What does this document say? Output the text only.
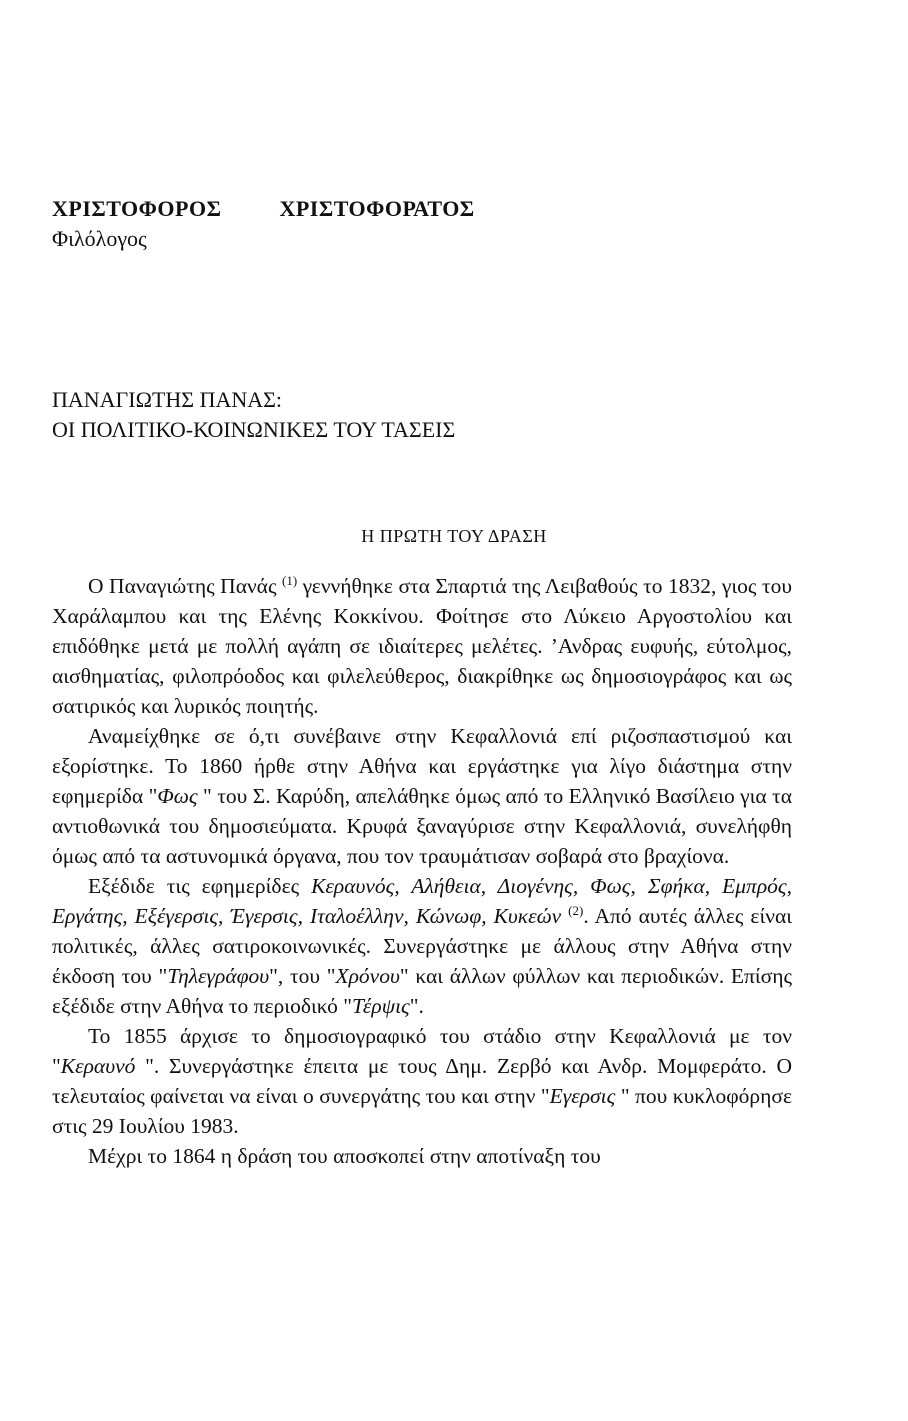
ΧΡΙΣΤΟΦΟΡΟΣ	ΧΡΙΣΤΟΦΟΡΑΤΟΣ
Φιλόλογος
ΠΑΝΑΓΙΩΤΗΣ ΠΑΝΑΣ:
ΟΙ ΠΟΛΙΤΙΚΟ-ΚΟΙΝΩΝΙΚΕΣ ΤΟΥ ΤΑΣΕΙΣ
Η ΠΡΩΤΗ ΤΟΥ ΔΡΑΣΗ

Ο Παναγιώτης Πανάς $^{(1)}$ γεννήθηκε στα Σπαρτιά της Λειβαθούς το 1832, γιος του Χαράλαμπου και της Ελένης Κοκκίνου. Φοίτησε στο Λύκειο Αργοστολίου και επιδόθηκε μετά με πολλή αγάπη σε ιδιαίτερες μελέτες. ’Ανδρας ευφυής, εύτολμος, αισθηματίας, φιλοπρόοδος και φιλελεύθερος, διακρίθηκε ως δημοσιογράφος και ως σατιρικός και λυρικός ποιητής.

Αναμείχθηκε σε ό,τι συνέβαινε στην Κεφαλλονιά επί ριζοσπαστισμού και εξορίστηκε. Το 1860 ήρθε στην Αθήνα και εργάστηκε για λίγο διάστημα στην εφημερίδα "Φως " του Σ. Καρύδη, απελάθηκε όμως από το Ελληνικό Βασίλειο για τα αντιοθωνικά του δημοσιεύματα. Κρυφά ξαναγύρισε στην Κεφαλλονιά, συνελήφθη όμως από τα αστυνομικά όργανα, που τον τραυμάτισαν σοβαρά στο βραχίονα.

Εξέδιδε τις εφημερίδες Κεραυνός, Αλήθεια, Διογένης, Φως, Σφήκα, Εμπρός, Εργάτης, Εξέγερσις, Έγερσις, Ιταλοέλλην, Κώνωφ, Κυκεών $^{(2)}$. Από αυτές άλλες είναι πολιτικές, άλλες σατιροκοινωνικές. Συνεργάστηκε με άλλους στην Αθήνα στην έκδοση του "Τηλεγράφου", του "Χρόνου" και άλλων φύλλων και περιοδικών. Επίσης εξέδιδε στην Αθήνα το περιοδικό "Τέρψις".

Το 1855 άρχισε το δημοσιογραφικό του στάδιο στην Κεφαλλονιά με τον "Κεραυνό ". Συνεργάστηκε έπειτα με τους Δημ. Ζερβό και Ανδρ. Μομφεράτο. Ο τελευταίος φαίνεται να είναι ο συνεργάτης του και στην "Εγερσις " που κυκλοφόρησε στις 29 Ιουλίου 1983.

Μέχρι το 1864 η δράση του αποσκοπεί στην αποτίναξη του
